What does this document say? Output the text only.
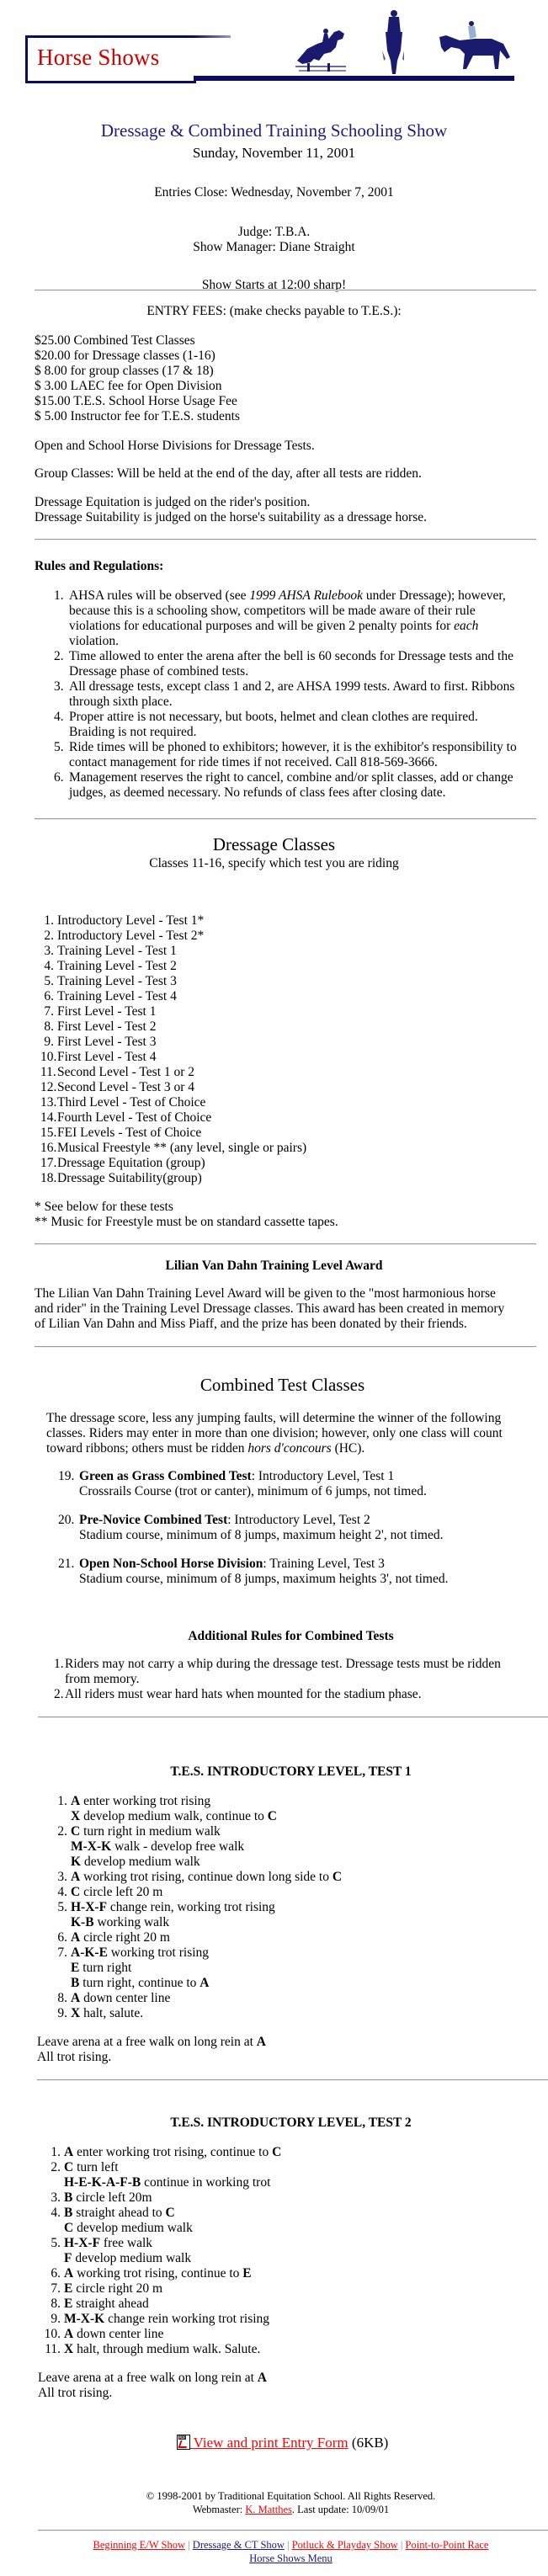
Horse Shows
Dressage & Combined Training Schooling Show
Sunday, November 11, 2001
Entries Close: Wednesday, November 7, 2001
Judge: T.B.A.
Show Manager: Diane Straight
Show Starts at 12:00 sharp!
ENTRY FEES: (make checks payable to T.E.S.):
$25.00 Combined Test Classes
$20.00 for Dressage classes (1-16)
$ 8.00 for group classes (17 & 18)
$ 3.00 LAEC fee for Open Division
$15.00 T.E.S. School Horse Usage Fee
$ 5.00 Instructor fee for T.E.S. students
Open and School Horse Divisions for Dressage Tests.
Group Classes: Will be held at the end of the day, after all tests are ridden.
Dressage Equitation is judged on the rider's position.
Dressage Suitability is judged on the horse's suitability as a dressage horse.
Rules and Regulations:
1. AHSA rules will be observed (see 1999 AHSA Rulebook under Dressage); however,
because this is a schooling show, competitors will be made aware of their rule
violations for educational purposes and will be given 2 penalty points for each
violation.
2. Time allowed to enter the arena after the bell is 60 seconds for Dressage tests and the
Dressage phase of combined tests.
3. All dressage tests, except class 1 and 2, are AHSA 1999 tests. Award to first. Ribbons
through sixth place.
4. Proper attire is not necessary, but boots, helmet and clean clothes are required.
Braiding is not required.
5. Ride times will be phoned to exhibitors; however, it is the exhibitor's responsibility to
contact management for ride times if not received. Call 818-569-3666.
6. Management reserves the right to cancel, combine and/or split classes, add or change
judges, as deemed necessary. No refunds of class fees after closing date.
Dressage Classes
Classes 11-16, specify which test you are riding
1. Introductory Level - Test 1*
2. Introductory Level - Test 2*
3. Training Level - Test 1
4. Training Level - Test 2
5. Training Level - Test 3
6. Training Level - Test 4
7. First Level - Test 1
8. First Level - Test 2
9. First Level - Test 3
10.First Level - Test 4
11.Second Level - Test 1 or 2
12.Second Level - Test 3 or 4
13.Third Level - Test of Choice
14.Fourth Level - Test of Choice
15.FEI Levels - Test of Choice
16.Musical Freestyle ** (any level, single or pairs)
17.Dressage Equitation (group)
18.Dressage Suitability(group)
* See below for these tests
** Music for Freestyle must be on standard cassette tapes.
Lilian Van Dahn Training Level Award
The Lilian Van Dahn Training Level Award will be given to the "most harmonious horse
and rider" in the Training Level Dressage classes. This award has been created in memory
of Lilian Van Dahn and Miss Piaff, and the prize has been donated by their friends.
Combined Test Classes
The dressage score, less any jumping faults, will determine the winner of the following
classes. Riders may enter in more than one division; however, only one class will count
toward ribbons; others must be ridden hors d'concours (HC).
19. Green as Grass Combined Test: Introductory Level, Test 1
Crossrails Course (trot or canter), minimum of 6 jumps, not timed.
20. Pre-Novice Combined Test: Introductory Level, Test 2
Stadium course, minimum of 8 jumps, maximum height 2', not timed.
21. Open Non-School Horse Division: Training Level, Test 3
Stadium course, minimum of 8 jumps, maximum heights 3', not timed.
Additional Rules for Combined Tests
1. Riders may not carry a whip during the dressage test. Dressage tests must be ridden
from memory.
2. All riders must wear hard hats when mounted for the stadium phase.
T.E.S. INTRODUCTORY LEVEL, TEST 1
1. A enter working trot rising
X develop medium walk, continue to C
2. C turn right in medium walk
M-X-K walk - develop free walk
K develop medium walk
3. A working trot rising, continue down long side to C
4. C circle left 20 m
5. H-X-F change rein, working trot rising
K-B working walk
6. A circle right 20 m
7. A-K-E working trot rising
E turn right
B turn right, continue to A
8. A down center line
9. X halt, salute.
Leave arena at a free walk on long rein at A
All trot rising.
T.E.S. INTRODUCTORY LEVEL, TEST 2
1. A enter working trot rising, continue to C
2. C turn left
H-E-K-A-F-B continue in working trot
3. B circle left 20m
4. B straight ahead to C
C develop medium walk
5. H-X-F free walk
F develop medium walk
6. A working trot rising, continue to E
7. E circle right 20 m
8. E straight ahead
9. M-X-K change rein working trot rising
10. A down center line
11. X halt, through medium walk. Salute.
Leave arena at a free walk on long rein at A
All trot rising.
PDF View and print Entry Form (6KB)
© 1998-2001 by Traditional Equitation School. All Rights Reserved.
Webmaster: K. Matthes. Last update: 10/09/01
Beginning E/W Show | Dressage & CT Show | Potluck & Playday Show | Point-to-Point Race
Horse Shows Menu
